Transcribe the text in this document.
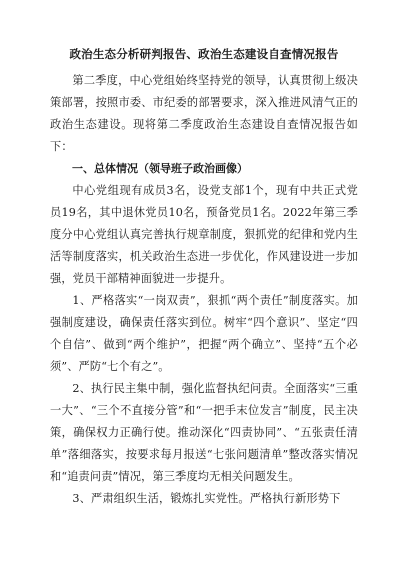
政治生态分析研判报告、政治生态建设自查情况报告

第二季度，中心党组始终坚持党的领导，认真贯彻上级决策部署，按照市委、市纪委的部署要求，深入推进风清气正的政治生态建设。现将第二季度政治生态建设自查情况报告如下：

一、总体情况（领导班子政治画像）

中心党组现有成员3名，设党支部1个，现有中共正式党员19名，其中退休党员10名，预备党员1名。2022年第三季度分中心党组认真完善执行规章制度，狠抓党的纪律和党内生活等制度落实，机关政治生态进一步优化，作风建设进一步加强，党员干部精神面貌进一步提升。

1、严格落实“一岗双责”，狠抓“两个责任”制度落实。加强制度建设，确保责任落实到位。树牢“四个意识”、坚定“四个自信”、做到“两个维护”，把握“两个确立”、坚持“五个必须”、严防“七个有之”。

2、执行民主集中制，强化监督执纪问责。全面落实“三重一大”、“三个不直接分管”和“一把手末位发言”制度，民主决策，确保权力正确行使。推动深化“四责协同”、“五张责任清单”落细落实，按要求每月报送“七张问题清单”整改落实情况和“追责问责”情况，第三季度均无相关问题发生。

3、严肃组织生活，锻炼扎实党性。严格执行新形势下
